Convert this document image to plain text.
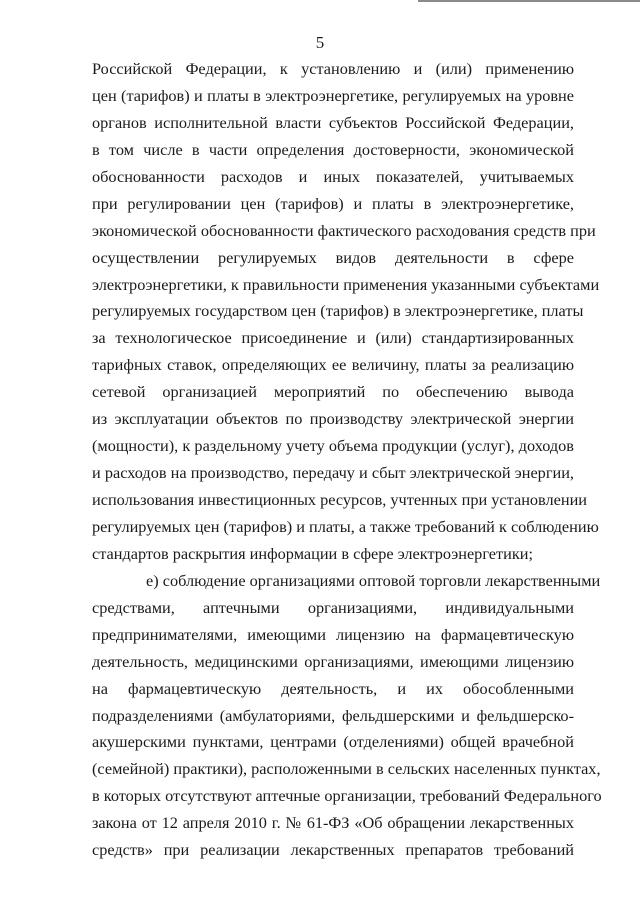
5
Российской Федерации, к установлению и (или) применению
цен (тарифов) и платы в электроэнергетике, регулируемых на уровне
органов исполнительной власти субъектов Российской Федерации,
в том числе в части определения достоверности, экономической
обоснованности расходов и иных показателей, учитываемых
при регулировании цен (тарифов) и платы в электроэнергетике,
экономической обоснованности фактического расходования средств при
осуществлении регулируемых видов деятельности в сфере
электроэнергетики, к правильности применения указанными субъектами
регулируемых государством цен (тарифов) в электроэнергетике, платы
за технологическое присоединение и (или) стандартизированных
тарифных ставок, определяющих ее величину, платы за реализацию
сетевой организацией мероприятий по обеспечению вывода
из эксплуатации объектов по производству электрической энергии
(мощности), к раздельному учету объема продукции (услуг), доходов
и расходов на производство, передачу и сбыт электрической энергии,
использования инвестиционных ресурсов, учтенных при установлении
регулируемых цен (тарифов) и платы, а также требований к соблюдению
стандартов раскрытия информации в сфере электроэнергетики;
е) соблюдение организациями оптовой торговли лекарственными
средствами, аптечными организациями, индивидуальными
предпринимателями, имеющими лицензию на фармацевтическую
деятельность, медицинскими организациями, имеющими лицензию
на фармацевтическую деятельность, и их обособленными
подразделениями (амбулаториями, фельдшерскими и фельдшерско-
акушерскими пунктами, центрами (отделениями) общей врачебной
(семейной) практики), расположенными в сельских населенных пунктах,
в которых отсутствуют аптечные организации, требований Федерального
закона от 12 апреля 2010 г. № 61-ФЗ «Об обращении лекарственных
средств» при реализации лекарственных препаратов требований
